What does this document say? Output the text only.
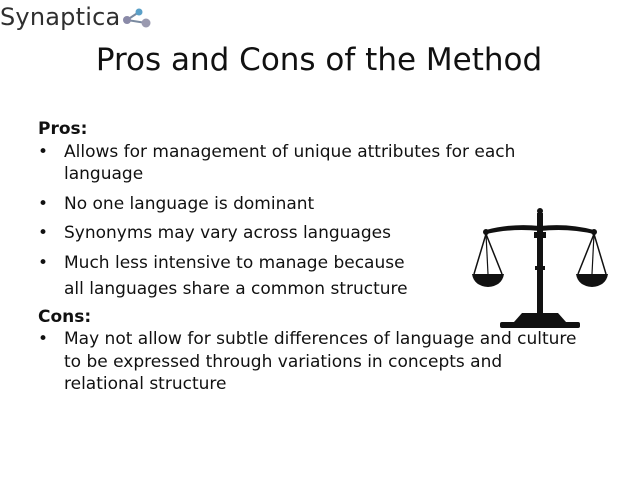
Synaptica
Pros and Cons of the Method

Pros:

• Allows for management of unique attributes for each language
• No one language is dominant
• Synonyms may vary across languages
• Much less intensive to manage because

all languages share a common structure

Cons:

• May not allow for subtle differences of language and culture to be expressed through variations in concepts and relational structure
